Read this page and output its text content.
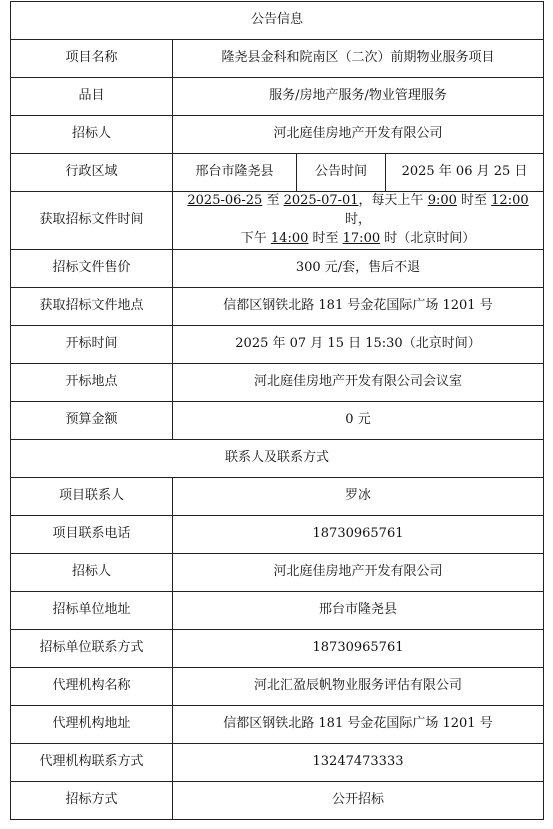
公告信息			
项目名称	隆尧县金科和院南区（二次）前期物业服务项目		
品目	服务/房地产服务/物业管理服务		
招标人	河北庭佳房地产开发有限公司		
行政区域	邢台市隆尧县	公告时间	2025 年 06 月 25 日
获取招标文件时间	2025-06-25 至 2025-07-01，每天上午 9:00 时至 12:00 时，
下午 14:00 时至 17:00 时（北京时间）		
招标文件售价	300 元/套，售后不退		
获取招标文件地点	信都区钢铁北路 181 号金花国际广场 1201 号		
开标时间	2025 年 07 月 15 日 15:30（北京时间）		
开标地点	河北庭佳房地产开发有限公司会议室		
预算金额	0 元		
联系人及联系方式			
项目联系人	罗冰		
项目联系电话	18730965761		
招标人	河北庭佳房地产开发有限公司		
招标单位地址	邢台市隆尧县		
招标单位联系方式	18730965761		
代理机构名称	河北汇盈辰帆物业服务评估有限公司		
代理机构地址	信都区钢铁北路 181 号金花国际广场 1201 号		
代理机构联系方式	13247473333		
招标方式	公开招标		
